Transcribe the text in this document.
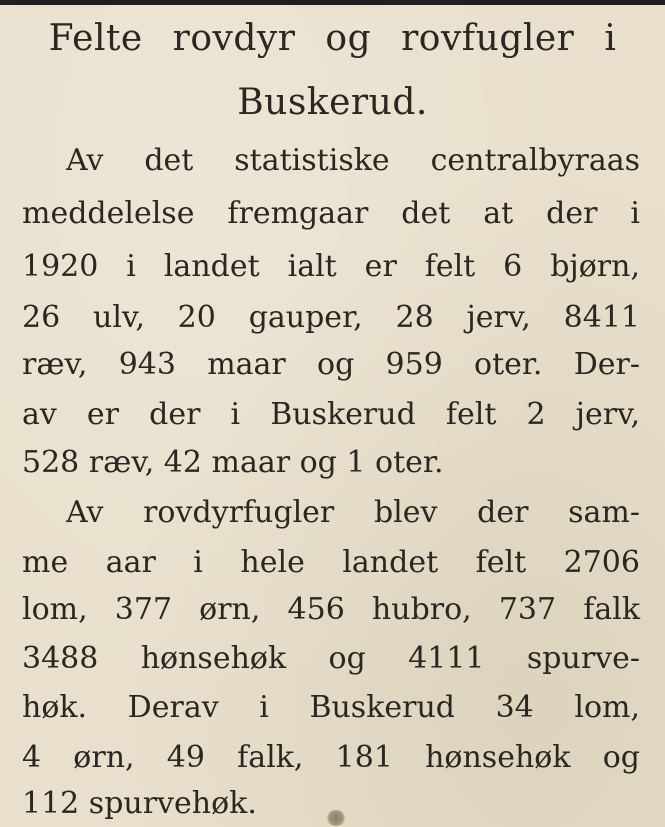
Felte rovdyr og rovfugler i
Buskerud.

Av det statistiske centralbyraas

meddelelse fremgaar det at der i

1920 i landet ialt er felt 6 bjørn,

26 ulv, 20 gauper, 28 jerv, 8411

ræv, 943 maar og 959 oter. Der-

av er der i Buskerud felt 2 jerv,

528 ræv, 42 maar og 1 oter.

Av rovdyrfugler blev der sam-

me aar i hele landet felt 2706

lom, 377 ørn, 456 hubro, 737 falk

3488 hønsehøk og 4111 spurve-

høk. Derav i Buskerud 34 lom,

4 ørn, 49 falk, 181 hønsehøk og

112 spurvehøk.
